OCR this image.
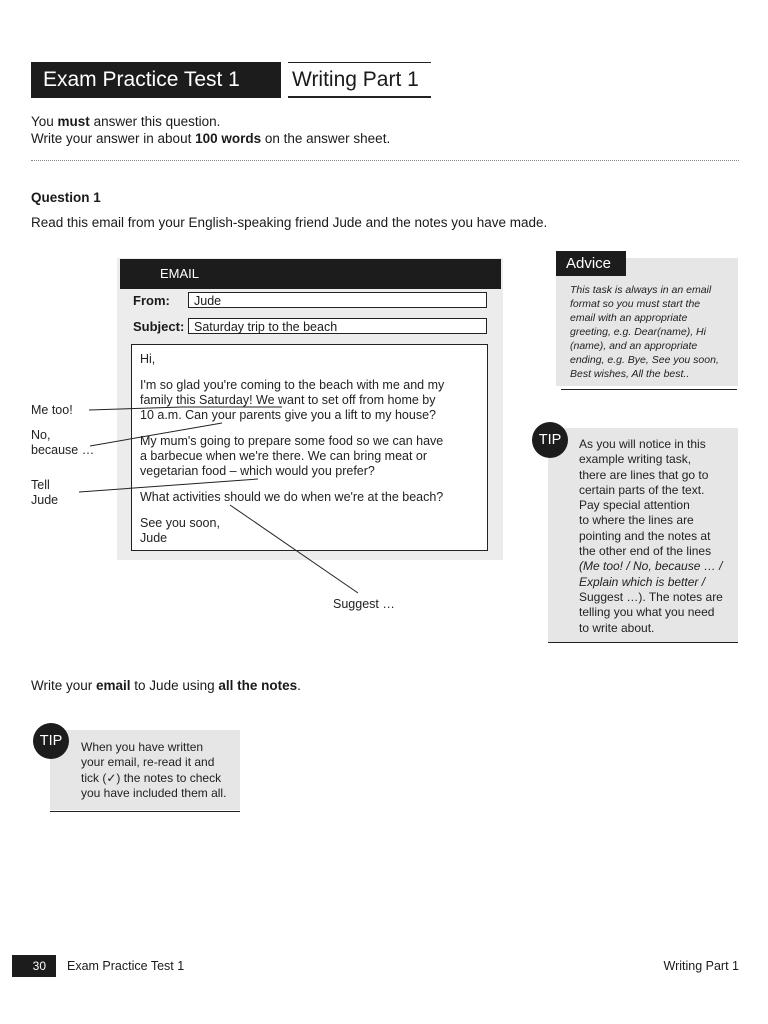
Exam Practice Test 1	Writing Part 1
You must answer this question.
Write your answer in about 100 words on the answer sheet.
Question 1
Read this email from your English-speaking friend Jude and the notes you have made.
EMAIL
From:	Jude
Subject: Saturday trip to the beach
Hi,
I'm so glad you're coming to the beach with me and my
family this Saturday! We want to set off from home by
10 a.m. Can your parents give you a lift to my house?
My mum's going to prepare some food so we can have
a barbecue when we're there. We can bring meat or
vegetarian food – which would you prefer?
What activities should we do when we're at the beach?
See you soon,
Jude
Me too!
No,
because …
Tell
Jude
Suggest …
Advice
This task is always in an email
format so you must start the
email with an appropriate
greeting, e.g. Dear(name), Hi
(name), and an appropriate
ending, e.g. Bye, See you soon,
Best wishes, All the best..
TIP	As you will notice in this
example writing task,
there are lines that go to
certain parts of the text.
Pay special attention
to where the lines are
pointing and the notes at
the other end of the lines
(Me too! / No, because … /
Explain which is better /
Suggest …). The notes are
telling you what you need
to write about.
Write your email to Jude using all the notes.
TIP	When you have written
your email, re-read it and
tick (✓) the notes to check
you have included them all.
30	Exam Practice Test 1	Writing Part 1
